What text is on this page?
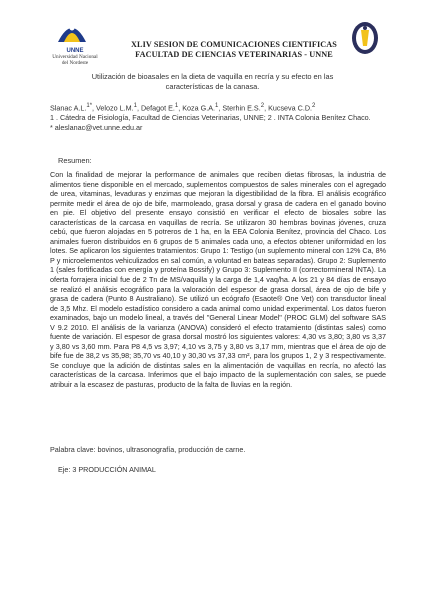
UNNE
Universidad Nacional
del Nordeste
XLIV SESION DE COMUNICACIONES CIENTIFICAS
FACULTAD DE CIENCIAS VETERINARIAS - UNNE
Utilización de bioasales en la dieta de vaquilla en recría y su efecto en las
características de la canasa.

Slanac A.L.$^{1*}$, Velozo L.M.$^1$, Defagot E.$^1$, Koza G.A.$^1$, Sterhin E.S.$^2$, Kucseva C.D.$^2$

1 . Cátedra de Fisiología, Facultad de Ciencias Veterinarias, UNNE; 2 . INTA Colonia Benítez Chaco.

* aleslanac@vet.unne.edu.ar

Resumen:
Con la finalidad de mejorar la performance de animales que reciben dietas fibrosas, la industria de alimentos tiene disponible en el mercado, suplementos compuestos de sales minerales con el agregado de urea, vitaminas, levaduras y enzimas que mejoran la digestibilidad de la fibra. El análisis ecográfico permite medir el área de ojo de bife, marmoleado, grasa dorsal y grasa de cadera en el ganado bovino en pie. El objetivo del presente ensayo consistió en verificar el efecto de biosales sobre las características de la carcasa en vaquillas de recría. Se utilizaron 30 hembras bovinas jóvenes, cruza cebú, que fueron alojadas en 5 potreros de 1 ha, en la EEA Colonia Benítez, provincia del Chaco. Los animales fueron distribuidos en 6 grupos de 5 animales cada uno, a efectos obtener uniformidad en los lotes. Se aplicaron los siguientes tratamientos: Grupo 1: Testigo (un suplemento mineral con 12% Ca, 8% P y microelementos vehiculizados en sal común, a voluntad en bateas separadas). Grupo 2: Suplemento 1 (sales fortificadas con energía y proteína Bossify) y Grupo 3: Suplemento II (correctormineral INTA). La oferta forrajera inicial fue de 2 Tn de MS/vaquilla y la carga de 1,4 vaq/ha. A los 21 y 84 días de ensayo se realizó el análisis ecográfico para la valoración del espesor de grasa dorsal, área de ojo de bife y grasa de cadera (Punto 8 Australiano). Se utilizó un ecógrafo (Esaote® One Vet) con transductor lineal de 3,5 Mhz. El modelo estadístico considero a cada animal como unidad experimental. Los datos fueron examinados, bajo un modelo lineal, a través del "General Linear Model" (PROC GLM) del software SAS V 9.2 2010. El análisis de la varianza (ANOVA) consideró el efecto tratamiento (distintas sales) como fuente de variación. El espesor de grasa dorsal mostró los siguientes valores: 4,30 vs 3,80; 3,80 vs 3,37 y 3,80 vs 3,60 mm. Para P8 4,5 vs 3,97; 4,10 vs 3,75 y 3,80 vs 3,17 mm, mientras que el área de ojo de bife fue de 38,2 vs 35,98; 35,70 vs 40,10 y 30,30 vs 37,33 cm², para los grupos 1, 2 y 3 respectivamente. Se concluye que la adición de distintas sales en la alimentación de vaquillas en recría, no afectó las características de la carcasa. Inferimos que el bajo impacto de la suplementación con sales, se puede atribuir a la escasez de pasturas, producto de la falta de lluvias en la región.
Palabra clave: bovinos, ultrasonografía, producción de carne.
Eje: 3 PRODUCCIÓN ANIMAL
